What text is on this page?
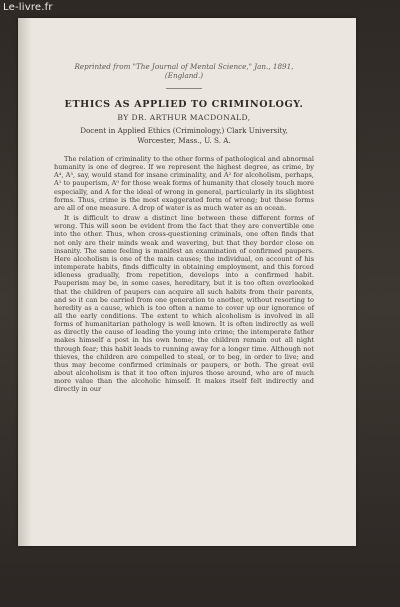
Le-livre.fr

Reprinted from "The Journal of Mental Science," Jan., 1891,
(England.)

ETHICS AS APPLIED TO CRIMINOLOGY.

BY DR. ARTHUR MACDONALD,

Docent in Applied Ethics (Criminology,) Clark University,
Worcester, Mass., U. S. A.

The relation of criminality to the other forms of pathological and abnormal humanity is one of degree. If we represent the highest degree, as crime, by A⁴, A³, say, would stand for insane criminality, and A² for alcoholism, perhaps, A¹ to pauperism, A⁰ for those weak forms of humanity that closely touch more especially, and A for the ideal of wrong in general, particularly in its slightest forms. Thus, crime is the most exaggerated form of wrong; but these forms are all of one measure. A drop of water is as much water as an ocean.

It is difficult to draw a distinct line between these different forms of wrong. This will soon be evident from the fact that they are convertible one into the other. Thus, when cross-questioning criminals, one often finds that not only are their minds weak and wavering, but that they border close on insanity. The same feeling is manifest an examination of confirmed paupers. Here alcoholism is one of the main causes; the individual, on account of his intemperate habits, finds difficulty in obtaining employment, and this forced idleness gradually, from repetition, develops into a confirmed habit. Pauperism may be, in some cases, hereditary, but it is too often overlooked that the children of paupers can acquire all such habits from their parents, and so it can be carried from one generation to another, without resorting to heredity as a cause, which is too often a name to cover up our ignorance of all the early conditions. The extent to which alcoholism is involved in all forms of humanitarian pathology is well known. It is often indirectly as well as directly the cause of leading the young into crime; the intemperate father makes himself a post in his own home; the children remain out all night through fear; this habit leads to running away for a longer time. Although not thieves, the children are compelled to steal, or to beg, in order to live; and thus may become confirmed criminals or paupers, or both. The great evil about alcoholism is that it too often injures those around, who are of much more value than the alcoholic himself. It makes itself felt indirectly and directly in our
